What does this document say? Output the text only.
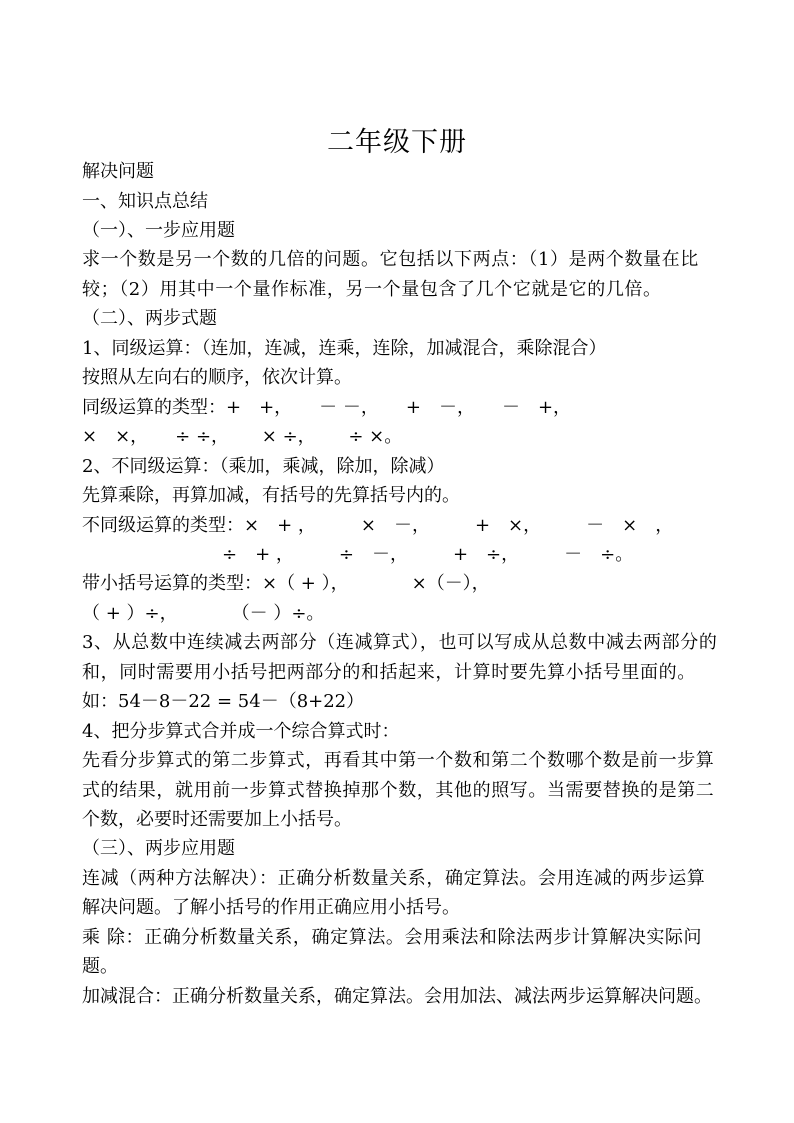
二年级下册
解决问题
一、知识点总结
（一）、一步应用题
求一个数是另一个数的几倍的问题。它包括以下两点：（1）是两个数量在比
较；（2）用其中一个量作标准，另一个量包含了几个它就是它的几倍。
（二）、两步式题
1、同级运算：（连加，连减，连乘，连除，加减混合，乘除混合）
按照从左向右的顺序，依次计算。
同级运算的类型：+　+，　　－ －，　　+　－，　　－　+，
×　×，　　÷ ÷，　　 × ÷，　　 ÷ ×。
2、不同级运算：（乘加，乘减，除加，除减）
先算乘除，再算加减，有括号的先算括号内的。
不同级运算的类型：×　+ ，　　　×　－，　　　+　×，　　　－　×　，
÷　+ ，　　　÷　－，　　　+　÷，　　　－　÷。
带小括号运算的类型：×（ + ），　　　　×（－），
（ + ）÷，　　　　（－ ）÷。
3、从总数中连续减去两部分（连减算式），也可以写成从总数中减去两部分的
和，同时需要用小括号把两部分的和括起来，计算时要先算小括号里面的。
如：54－8－22 = 54－（8+22）
4、把分步算式合并成一个综合算式时：
先看分步算式的第二步算式，再看其中第一个数和第二个数哪个数是前一步算
式的结果，就用前一步算式替换掉那个数，其他的照写。当需要替换的是第二
个数，必要时还需要加上小括号。
（三）、两步应用题
连减（两种方法解决）：正确分析数量关系，确定算法。会用连减的两步运算
解决问题。了解小括号的作用正确应用小括号。
乘 除：正确分析数量关系，确定算法。会用乘法和除法两步计算解决实际问
题。
加减混合：正确分析数量关系，确定算法。会用加法、减法两步运算解决问题。
